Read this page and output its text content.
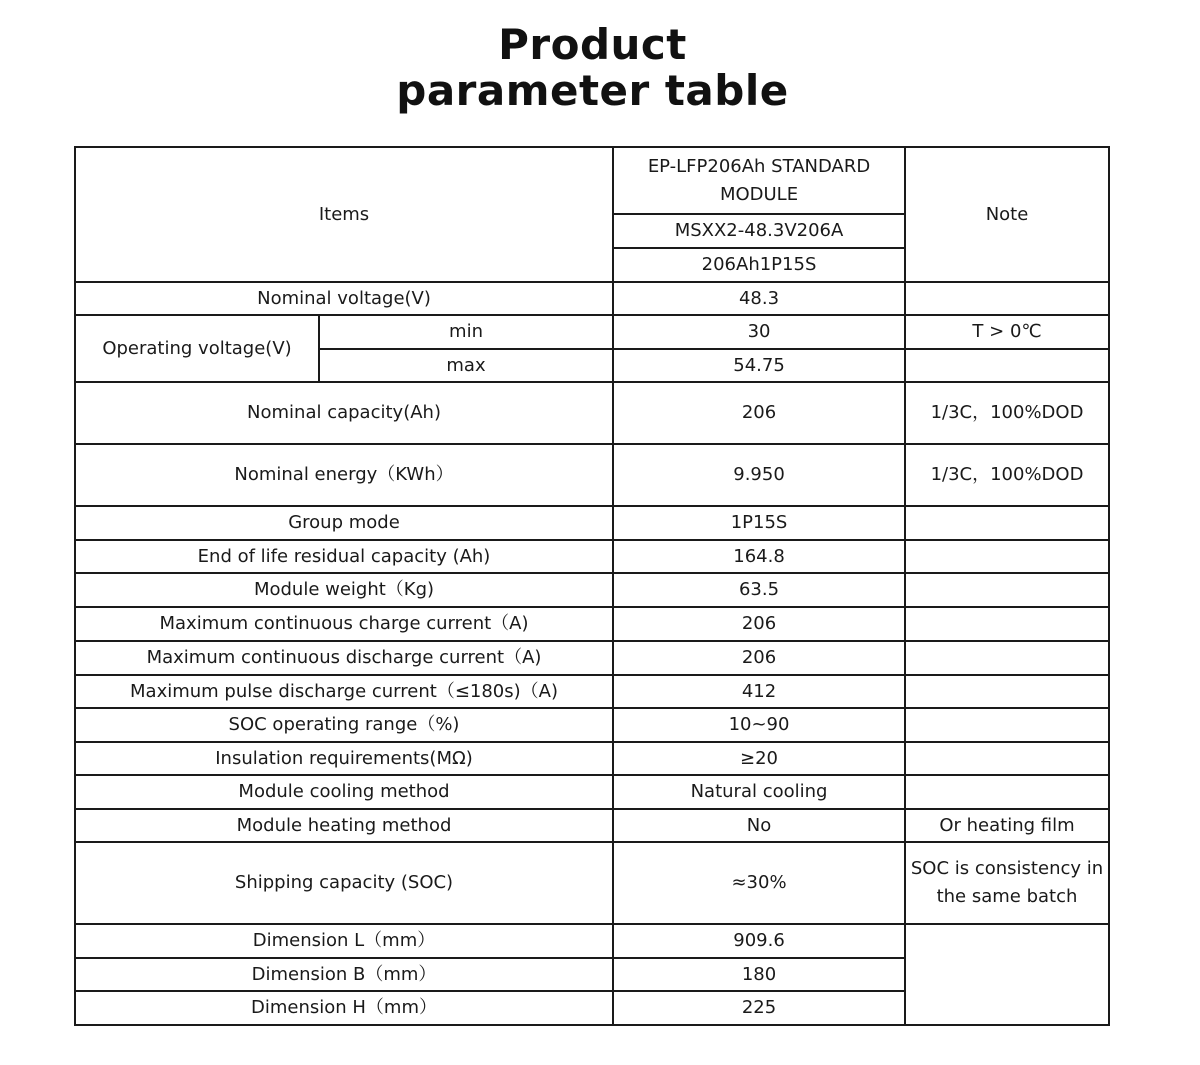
Product
parameter table
Items		EP-LFP206Ah STANDARD MODULE	Note
		MSXX2-48.3V206A	
		206Ah1P15S	
Nominal voltage(V)		48.3	
Operating voltage(V)	min	30	T > 0℃
	max	54.75	
Nominal capacity(Ah)		206	1/3C，100%DOD
Nominal energy（KWh）		9.950	1/3C，100%DOD
Group mode		1P15S	
End of life residual capacity (Ah)		164.8	
Module weight（Kg)		63.5	
Maximum continuous charge current（A)		206	
Maximum continuous discharge current（A)		206	
Maximum pulse discharge current（≤180s)（A)		412	
SOC operating range（%)		10~90	
Insulation requirements(MΩ)		≥20	
Module cooling method		Natural cooling	
Module heating method		No	Or heating film
Shipping capacity (SOC)		≈30%	SOC is consistency in the same batch
Dimension L（mm）		909.6	
Dimension B（mm）		180	
Dimension H（mm）		225	
